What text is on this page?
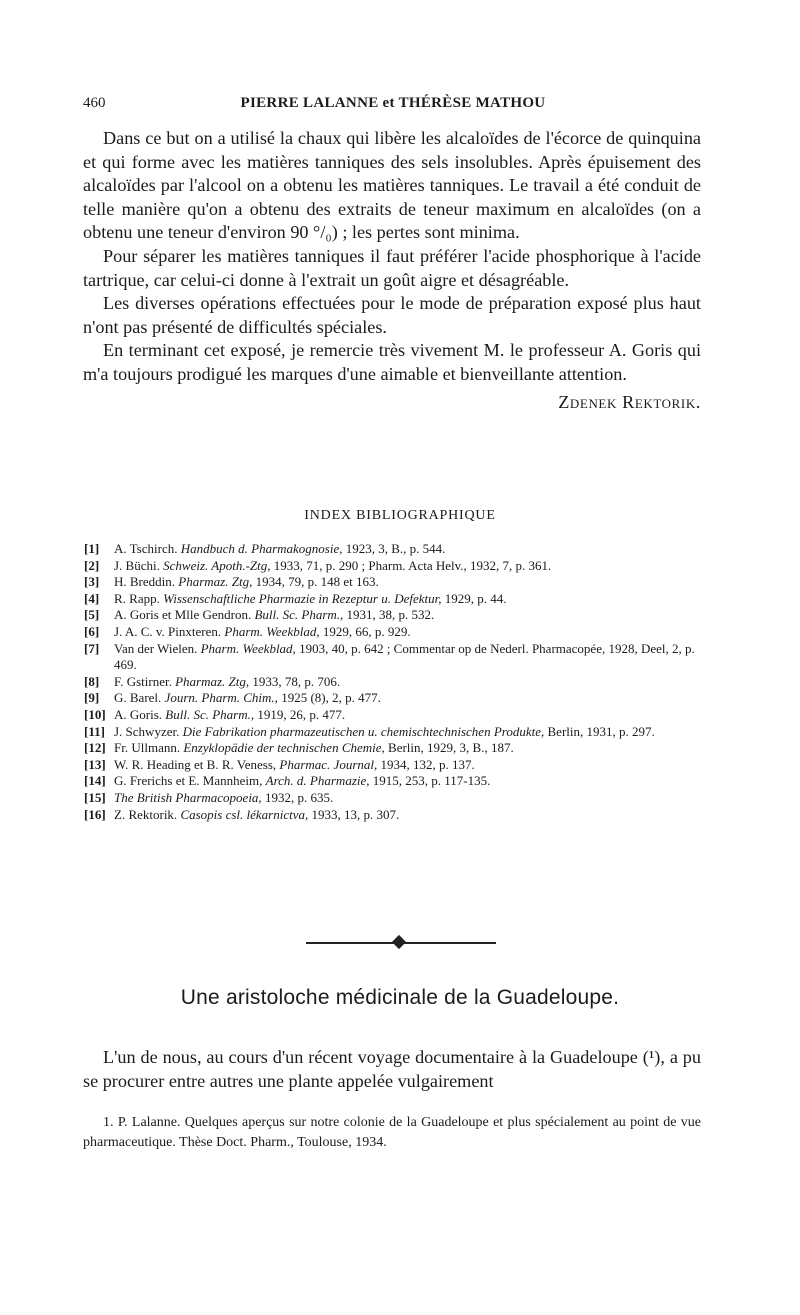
460	PIERRE LALANNE et THÉRÈSE MATHOU

Dans ce but on a utilisé la chaux qui libère les alcaloïdes de l'écorce de quinquina et qui forme avec les matières tanniques des sels insolubles. Après épuisement des alcaloïdes par l'alcool on a obtenu les matières tanniques. Le travail a été conduit de telle manière qu'on a obtenu des extraits de teneur maximum en alcaloïdes (on a obtenu une teneur d'environ 90 °/₀) ; les pertes sont minima.

Pour séparer les matières tanniques il faut préférer l'acide phosphorique à l'acide tartrique, car celui-ci donne à l'extrait un goût aigre et désagréable.

Les diverses opérations effectuées pour le mode de préparation exposé plus haut n'ont pas présenté de difficultés spéciales.

En terminant cet exposé, je remercie très vivement M. le professeur A. Goris qui m'a toujours prodigué les marques d'une aimable et bienveillante attention.

Zdenek Rektorik.
INDEX BIBLIOGRAPHIQUE
[1] A. Tschirch. Handbuch d. Pharmakognosie, 1923, 3, B., p. 544.
[2] J. Büchi. Schweiz. Apoth.-Ztg, 1933, 71, p. 290 ; Pharm. Acta Helv., 1932, 7, p. 361.
[3] H. Breddin. Pharmaz. Ztg, 1934, 79, p. 148 et 163.
[4] R. Rapp. Wissenschaftliche Pharmazie in Rezeptur u. Defektur, 1929, p. 44.
[5] A. Goris et Mlle Gendron. Bull. Sc. Pharm., 1931, 38, p. 532.
[6] J. A. C. v. Pinxteren. Pharm. Weekblad, 1929, 66, p. 929.
[7] Van der Wielen. Pharm. Weekblad, 1903, 40, p. 642 ; Commentar op de Nederl. Pharmacopée, 1928, Deel, 2, p. 469.
[8] F. Gstirner. Pharmaz. Ztg, 1933, 78, p. 706.
[9] G. Barel. Journ. Pharm. Chim., 1925 (8), 2, p. 477.
[10] A. Goris. Bull. Sc. Pharm., 1919, 26, p. 477.
[11] J. Schwyzer. Die Fabrikation pharmazeutischen u. chemischtechnischen Produkte, Berlin, 1931, p. 297.
[12] Fr. Ullmann. Enzyklopädie der technischen Chemie, Berlin, 1929, 3, B., 187.
[13] W. R. Heading et B. R. Veness, Pharmac. Journal, 1934, 132, p. 137.
[14] G. Frerichs et E. Mannheim, Arch. d. Pharmazie, 1915, 253, p. 117-135.
[15] The British Pharmacopoeia, 1932, p. 635.
[16] Z. Rektorik. Casopis csl. lékarnictva, 1933, 13, p. 307.
Une aristoloche médicinale de la Guadeloupe.

L'un de nous, au cours d'un récent voyage documentaire à la Guadeloupe (¹), a pu se procurer entre autres une plante appelée vulgairement

1. P. Lalanne. Quelques aperçus sur notre colonie de la Guadeloupe et plus spécialement au point de vue pharmaceutique. Thèse Doct. Pharm., Toulouse, 1934.
